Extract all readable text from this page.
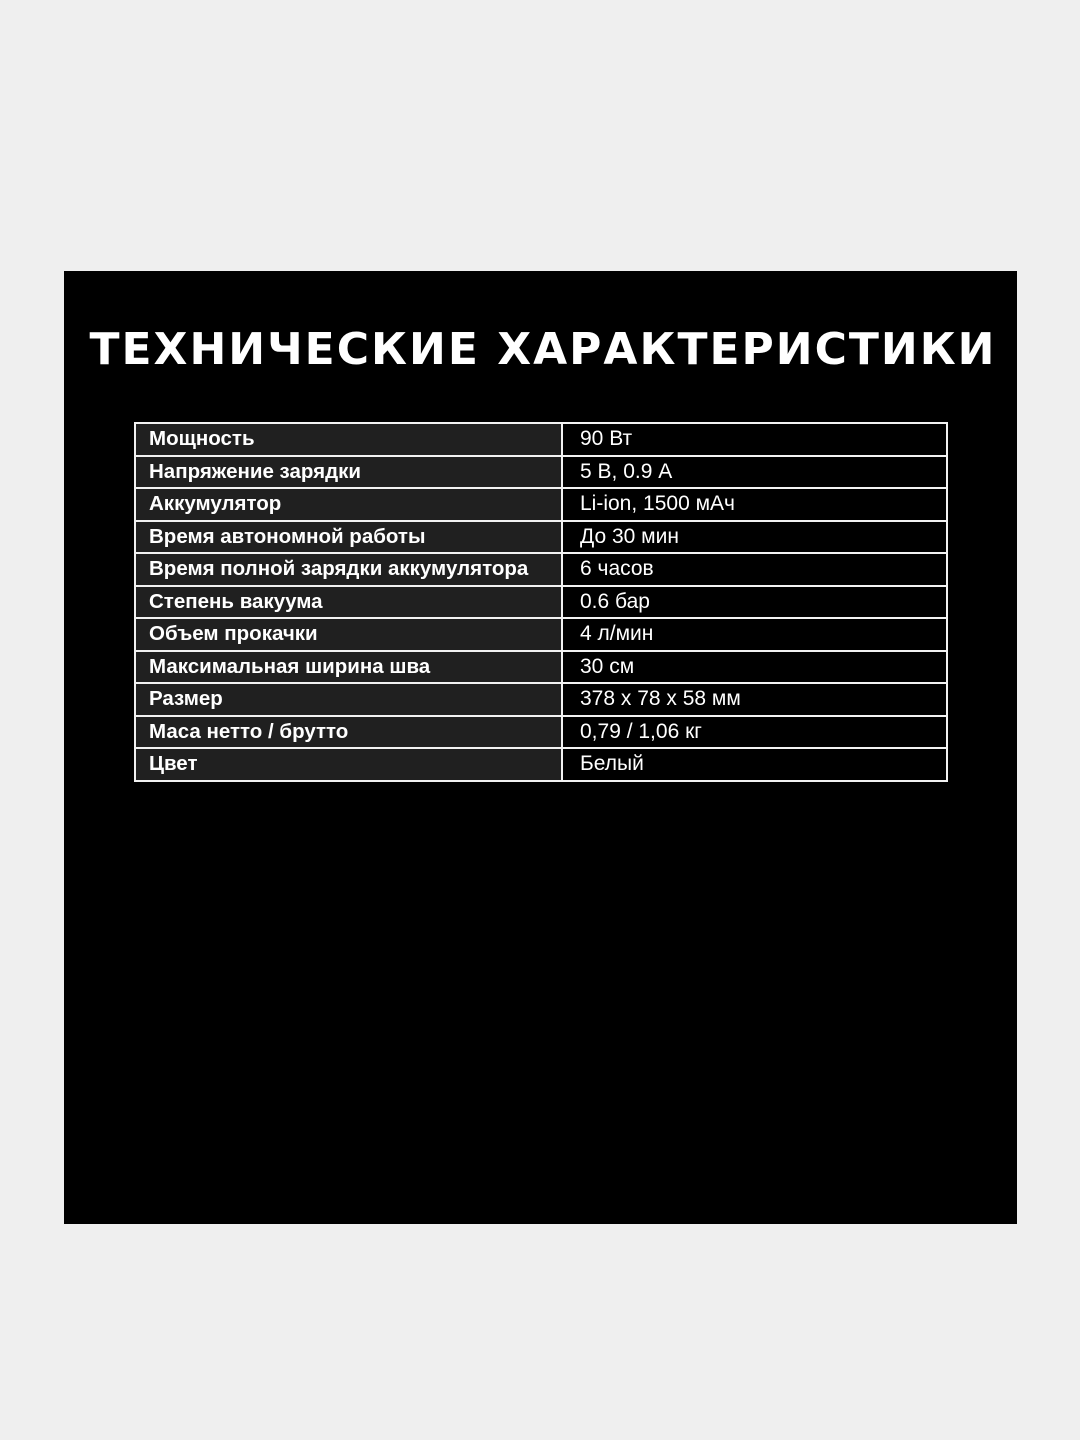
ТЕХНИЧЕСКИЕ ХАРАКТЕРИСТИКИ
Мощность	90 Вт
Напряжение зарядки	5 В, 0.9 А
Аккумулятор	Li-ion, 1500 мАч
Время автономной работы	До 30 мин
Время полной зарядки аккумулятора	6 часов
Степень вакуума	0.6 бар
Объем прокачки	4 л/мин
Максимальная ширина шва	30 см
Размер	378 х 78 х 58 мм
Маса нетто / брутто	0,79 / 1,06 кг
Цвет	Белый
